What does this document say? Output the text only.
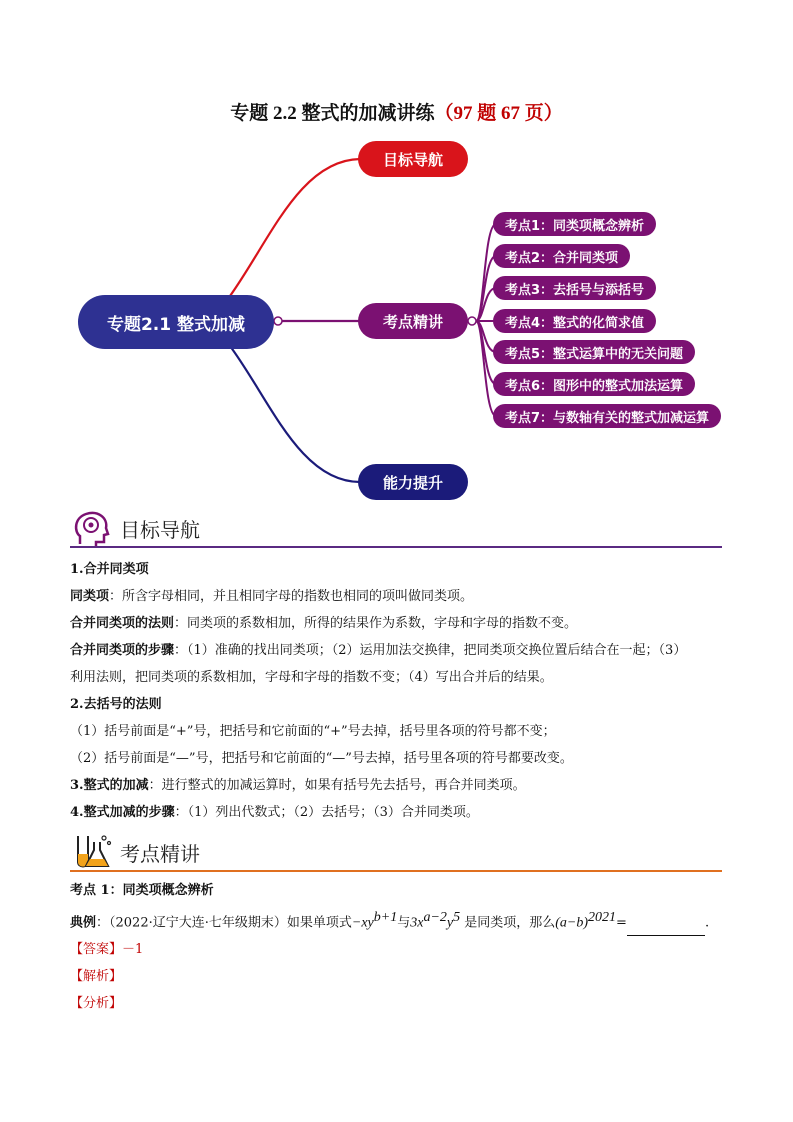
专题 2.2 整式的加减讲练（97 题 67 页）
专题2.1 整式加减
目标导航
考点精讲
能力提升
考点1：同类项概念辨析
考点2：合并同类项
考点3：去括号与添括号
考点4：整式的化简求值
考点5：整式运算中的无关问题
考点6：图形中的整式加法运算
考点7：与数轴有关的整式加减运算
目标导航

1.合并同类项

同类项：所含字母相同，并且相同字母的指数也相同的项叫做同类项。

合并同类项的法则：同类项的系数相加，所得的结果作为系数，字母和字母的指数不变。

合并同类项的步骤：（1）准确的找出同类项；（2）运用加法交换律，把同类项交换位置后结合在一起；（3）

利用法则，把同类项的系数相加，字母和字母的指数不变；（4）写出合并后的结果。

2.去括号的法则

（1）括号前面是“+”号，把括号和它前面的“+”号去掉，括号里各项的符号都不变；

（2）括号前面是“—”号，把括号和它前面的“—”号去掉，括号里各项的符号都要改变。

3.整式的加减：进行整式的加减运算时，如果有括号先去括号，再合并同类项。

4.整式加减的步骤：（1）列出代数式；（2）去括号；（3）合并同类项。

考点精讲

考点 1：同类项概念辨析

典例：（2022·辽宁大连·七年级期末）如果单项式$-xy^{b+1}$与$3x^{a-2}y^5$ 是同类项，那么$(a-b)^{2021}=$	.

【答案】－1

【解析】

【分析】
